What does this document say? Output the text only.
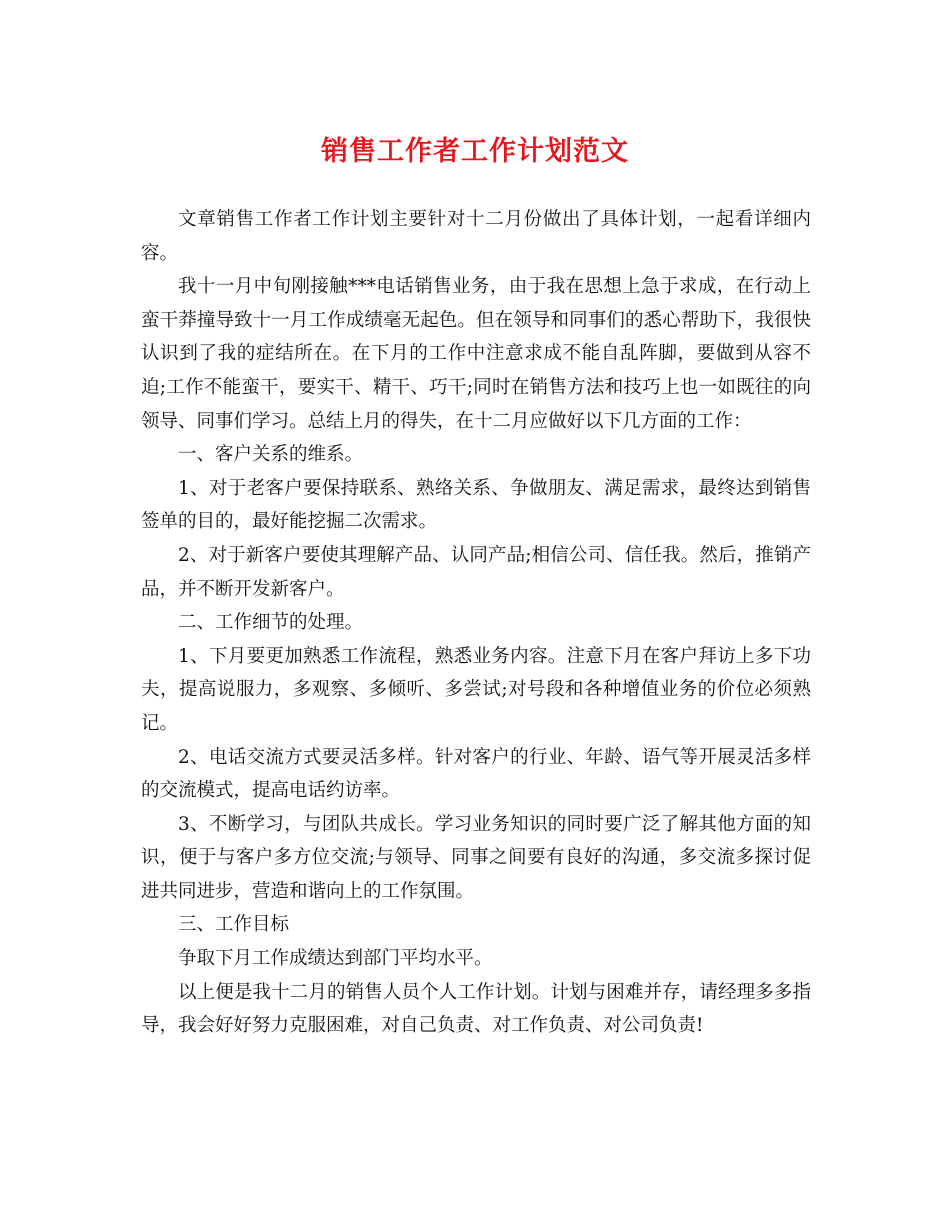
销售工作者工作计划范文

文章销售工作者工作计划主要针对十二月份做出了具体计划，一起看详细内容。

我十一月中旬刚接触***电话销售业务，由于我在思想上急于求成，在行动上蛮干莽撞导致十一月工作成绩毫无起色。但在领导和同事们的悉心帮助下，我很快认识到了我的症结所在。在下月的工作中注意求成不能自乱阵脚，要做到从容不迫;工作不能蛮干，要实干、精干、巧干;同时在销售方法和技巧上也一如既往的向领导、同事们学习。总结上月的得失，在十二月应做好以下几方面的工作：

一、客户关系的维系。

1、对于老客户要保持联系、熟络关系、争做朋友、满足需求，最终达到销售签单的目的，最好能挖掘二次需求。

2、对于新客户要使其理解产品、认同产品;相信公司、信任我。然后，推销产品，并不断开发新客户。

二、工作细节的处理。

1、下月要更加熟悉工作流程，熟悉业务内容。注意下月在客户拜访上多下功夫，提高说服力，多观察、多倾听、多尝试;对号段和各种增值业务的价位必须熟记。

2、电话交流方式要灵活多样。针对客户的行业、年龄、语气等开展灵活多样的交流模式，提高电话约访率。

3、不断学习，与团队共成长。学习业务知识的同时要广泛了解其他方面的知识，便于与客户多方位交流;与领导、同事之间要有良好的沟通，多交流多探讨促进共同进步，营造和谐向上的工作氛围。

三、工作目标

争取下月工作成绩达到部门平均水平。

以上便是我十二月的销售人员个人工作计划。计划与困难并存，请经理多多指导，我会好好努力克服困难，对自己负责、对工作负责、对公司负责!
